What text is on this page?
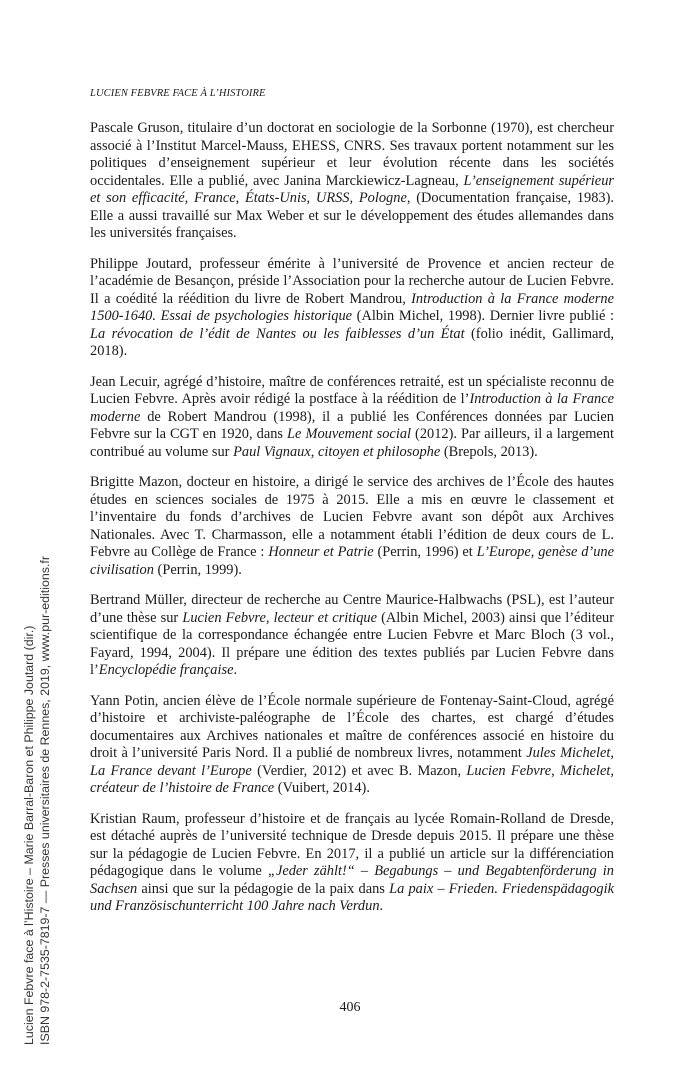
LUCIEN FEBVRE FACE À L’HISTOIRE

Pascale Gruson, titulaire d’un doctorat en sociologie de la Sorbonne (1970), est chercheur associé à l’Institut Marcel-Mauss, EHESS, CNRS. Ses travaux portent notamment sur les politiques d’enseignement supérieur et leur évolution récente dans les sociétés occidentales. Elle a publié, avec Janina Marckiewicz-Lagneau, L’enseignement supérieur et son efficacité, France, États-Unis, URSS, Pologne, (Documentation française, 1983). Elle a aussi travaillé sur Max Weber et sur le développement des études allemandes dans les universités françaises.

Philippe Joutard, professeur émérite à l’université de Provence et ancien recteur de l’académie de Besançon, préside l’Association pour la recherche autour de Lucien Febvre. Il a coédité la réédition du livre de Robert Mandrou, Introduction à la France moderne 1500-1640. Essai de psychologies historique (Albin Michel, 1998). Dernier livre publié : La révocation de l’édit de Nantes ou les faiblesses d’un État (folio inédit, Gallimard, 2018).

Jean Lecuir, agrégé d’histoire, maître de conférences retraité, est un spécialiste reconnu de Lucien Febvre. Après avoir rédigé la postface à la réédition de l’Introduction à la France moderne de Robert Mandrou (1998), il a publié les Conférences données par Lucien Febvre sur la CGT en 1920, dans Le Mouvement social (2012). Par ailleurs, il a largement contribué au volume sur Paul Vignaux, citoyen et philosophe (Brepols, 2013).

Brigitte Mazon, docteur en histoire, a dirigé le service des archives de l’École des hautes études en sciences sociales de 1975 à 2015. Elle a mis en œuvre le classement et l’inventaire du fonds d’archives de Lucien Febvre avant son dépôt aux Archives Nationales. Avec T. Charmasson, elle a notamment établi l’édition de deux cours de L. Febvre au Collège de France : Honneur et Patrie (Perrin, 1996) et L’Europe, genèse d’une civilisation (Perrin, 1999).

Bertrand Müller, directeur de recherche au Centre Maurice-Halbwachs (PSL), est l’auteur d’une thèse sur Lucien Febvre, lecteur et critique (Albin Michel, 2003) ainsi que l’éditeur scientifique de la correspondance échangée entre Lucien Febvre et Marc Bloch (3 vol., Fayard, 1994, 2004). Il prépare une édition des textes publiés par Lucien Febvre dans l’Encyclopédie française.

Yann Potin, ancien élève de l’École normale supérieure de Fontenay-Saint-Cloud, agrégé d’histoire et archiviste-paléographe de l’École des chartes, est chargé d’études documentaires aux Archives nationales et maître de conférences associé en histoire du droit à l’université Paris Nord. Il a publié de nombreux livres, notamment Jules Michelet, La France devant l’Europe (Verdier, 2012) et avec B. Mazon, Lucien Febvre, Michelet, créateur de l’histoire de France (Vuibert, 2014).

Kristian Raum, professeur d’histoire et de français au lycée Romain-Rolland de Dresde, est détaché auprès de l’université technique de Dresde depuis 2015. Il prépare une thèse sur la pédagogie de Lucien Febvre. En 2017, il a publié un article sur la différenciation pédagogique dans le volume „Jeder zählt!“ – Begabungs – und Begabtenförderung in Sachsen ainsi que sur la pédagogie de la paix dans La paix – Frieden. Friedenspädagogik und Französischunterricht 100 Jahre nach Verdun.

406
Lucien Febvre face à l’Histoire – Marie Barral-Baron et Philippe Joutard (dir.) ISBN 978-2-7535-7819-7 — Presses universitaires de Rennes, 2019, www.pur-editions.fr
